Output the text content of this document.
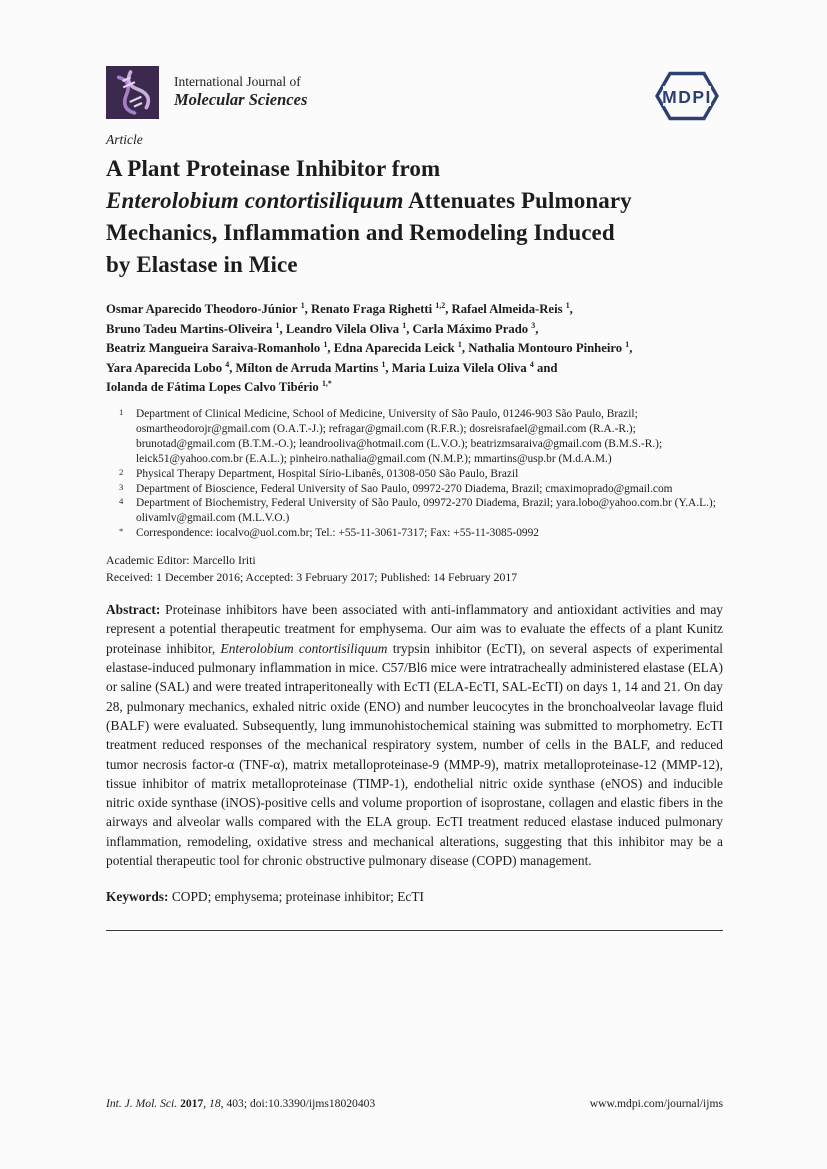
International Journal of
Molecular Sciences	MDPI
Article
A Plant Proteinase Inhibitor from
Enterolobium contortisiliquum Attenuates Pulmonary
Mechanics, Inflammation and Remodeling Induced
by Elastase in Mice

Osmar Aparecido Theodoro-Júnior $^1$, Renato Fraga Righetti $^{1,2}$, Rafael Almeida-Reis $^1$,
Bruno Tadeu Martins-Oliveira $^1$, Leandro Vilela Oliva $^1$, Carla Máximo Prado $^3$,
Beatriz Mangueira Saraiva-Romanholo $^1$, Edna Aparecida Leick $^1$, Nathalia Montouro Pinheiro $^1$,
Yara Aparecida Lobo $^4$, Mílton de Arruda Martins $^1$, Maria Luiza Vilela Oliva $^4$ and
Iolanda de Fátima Lopes Calvo Tibério $^{1,*}$

1	Department of Clinical Medicine, School of Medicine, University of São Paulo, 01246-903 São Paulo, Brazil; osmartheodorojr@gmail.com (O.A.T.-J.); refragar@gmail.com (R.F.R.); dosreisrafael@gmail.com (R.A.-R.); brunotad@gmail.com (B.T.M.-O.); leandrooliva@hotmail.com (L.V.O.); beatrizmsaraiva@gmail.com (B.M.S.-R.); leick51@yahoo.com.br (E.A.L.); pinheiro.nathalia@gmail.com (N.M.P.); mmartins@usp.br (M.d.A.M.)
2	Physical Therapy Department, Hospital Sírio-Libanês, 01308-050 São Paulo, Brazil
3	Department of Bioscience, Federal University of Sao Paulo, 09972-270 Diadema, Brazil; cmaximoprado@gmail.com
4	Department of Biochemistry, Federal University of São Paulo, 09972-270 Diadema, Brazil; yara.lobo@yahoo.com.br (Y.A.L.); olivamlv@gmail.com (M.L.V.O.)
*	Correspondence: iocalvo@uol.com.br; Tel.: +55-11-3061-7317; Fax: +55-11-3085-0992
Academic Editor: Marcello Iriti
Received: 1 December 2016; Accepted: 3 February 2017; Published: 14 February 2017

Abstract: Proteinase inhibitors have been associated with anti-inflammatory and antioxidant activities and may represent a potential therapeutic treatment for emphysema. Our aim was to evaluate the effects of a plant Kunitz proteinase inhibitor, Enterolobium contortisiliquum trypsin inhibitor (EcTI), on several aspects of experimental elastase-induced pulmonary inflammation in mice. C57/Bl6 mice were intratracheally administered elastase (ELA) or saline (SAL) and were treated intraperitoneally with EcTI (ELA-EcTI, SAL-EcTI) on days 1, 14 and 21. On day 28, pulmonary mechanics, exhaled nitric oxide (ENO) and number leucocytes in the bronchoalveolar lavage fluid (BALF) were evaluated. Subsequently, lung immunohistochemical staining was submitted to morphometry. EcTI treatment reduced responses of the mechanical respiratory system, number of cells in the BALF, and reduced tumor necrosis factor-α (TNF-α), matrix metalloproteinase-9 (MMP-9), matrix metalloproteinase-12 (MMP-12), tissue inhibitor of matrix metalloproteinase (TIMP-1), endothelial nitric oxide synthase (eNOS) and inducible nitric oxide synthase (iNOS)-positive cells and volume proportion of isoprostane, collagen and elastic fibers in the airways and alveolar walls compared with the ELA group. EcTI treatment reduced elastase induced pulmonary inflammation, remodeling, oxidative stress and mechanical alterations, suggesting that this inhibitor may be a potential therapeutic tool for chronic obstructive pulmonary disease (COPD) management.

Keywords: COPD; emphysema; proteinase inhibitor; EcTI

Int. J. Mol. Sci. 2017, 18, 403; doi:10.3390/ijms18020403	www.mdpi.com/journal/ijms
